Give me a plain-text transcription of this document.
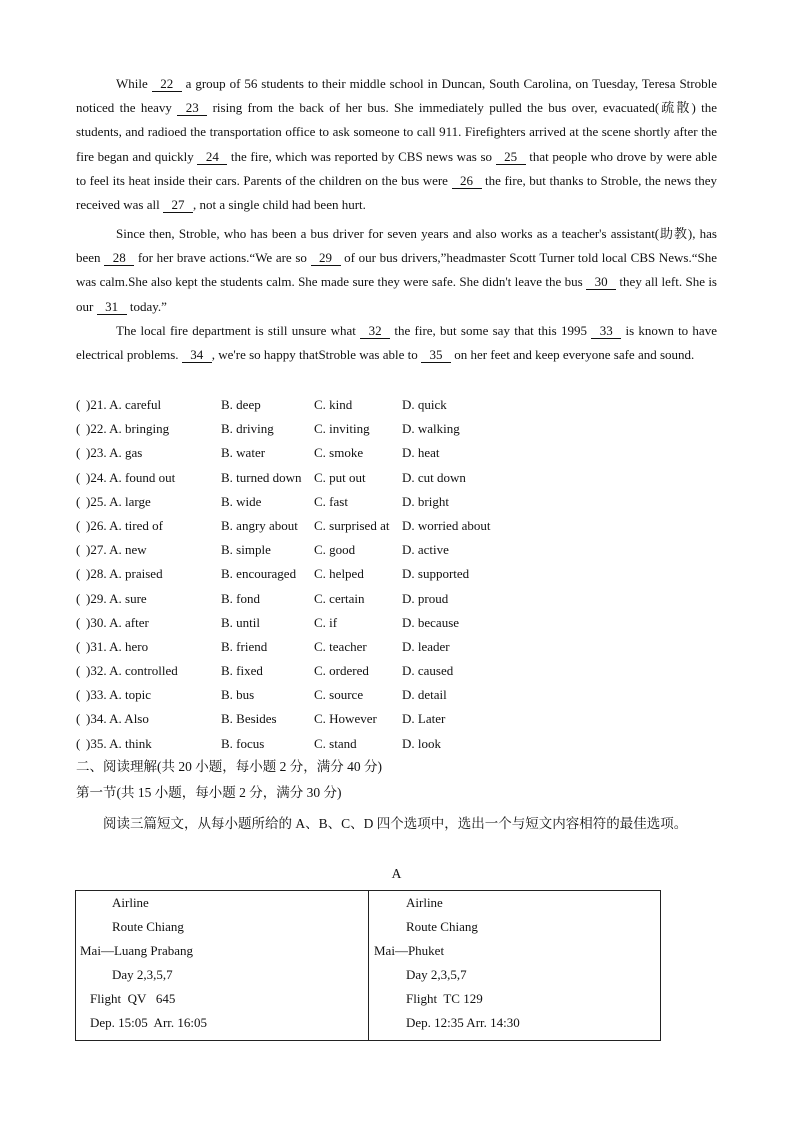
While 22 a group of 56 students to their middle school in Duncan, South Carolina, on Tuesday, Teresa Stroble noticed the heavy 23 rising from the back of her bus. She immediately pulled the bus over, evacuated(疏散) the students, and radioed the transportation office to ask someone to call 911. Firefighters arrived at the scene shortly after the fire began and quickly 24 the fire, which was reported by CBS news was so 25 that people who drove by were able to feel its heat inside their cars. Parents of the children on the bus were 26 the fire, but thanks to Stroble, the news they received was all 27 , not a single child had been hurt.
Since then, Stroble, who has been a bus driver for seven years and also works as a teacher's assistant(助教), has been 28 for her brave actions.“We are so 29 of our bus drivers,”headmaster Scott Turner told local CBS News.“She was calm.She also kept the students calm. She made sure they were safe. She didn't leave the bus 30 they all left. She is our 31 today.”
The local fire department is still unsure what 32 the fire, but some say that this 1995 33 is known to have electrical problems. 34 , we're so happy thatStroble was able to 35 on her feet and keep everyone safe and sound.
( )21. A. careful	B. deep	C. kind	D. quick
( )22. A. bringing	B. driving	C. inviting D. walking
( )23. A. gas	B. water	C. smoke	D. heat
( )24. A. found out	B. turned down C. put out	D. cut down
( )25. A. large	B. wide	C. fast	D. bright
( )26. A. tired of	B. angry about C. surprised at D. worried about
( )27. A. new	B. simple	C. good	D. active
( )28. A. praised	B. encouraged C. helped	D. supported
( )29. A. sure	B. fond	C. certain	D. proud
( )30. A. after	B. until	C. if	D. because
( )31. A. hero	B. friend	C. teacher	D. leader
( )32. A. controlled	B. fixed	C. ordered	D. caused
( )33. A. topic	B. bus	C. source	D. detail
( )34. A. Also	B. Besides	C. However D. Later
( )35. A. think	B. focus	C. stand	D. look
二、阅读理解(共 20 小题，每小题 2 分，满分 40 分)
第一节(共 15 小题，每小题 2 分，满分 30 分)
阅读三篇短文，从每小题所给的 A、B、C、D 四个选项中，选出一个与短文内容相符的最佳选项。
A
Airline
Route Chiang
Mai—Luang Prabang
Day 2,3,5,7
Flight  QV   645
Dep. 15:05  Arr. 16:05
Airline
Route Chiang
Mai—Phuket
Day 2,3,5,7
Flight  TC 129
Dep. 12:35 Arr. 14:30
